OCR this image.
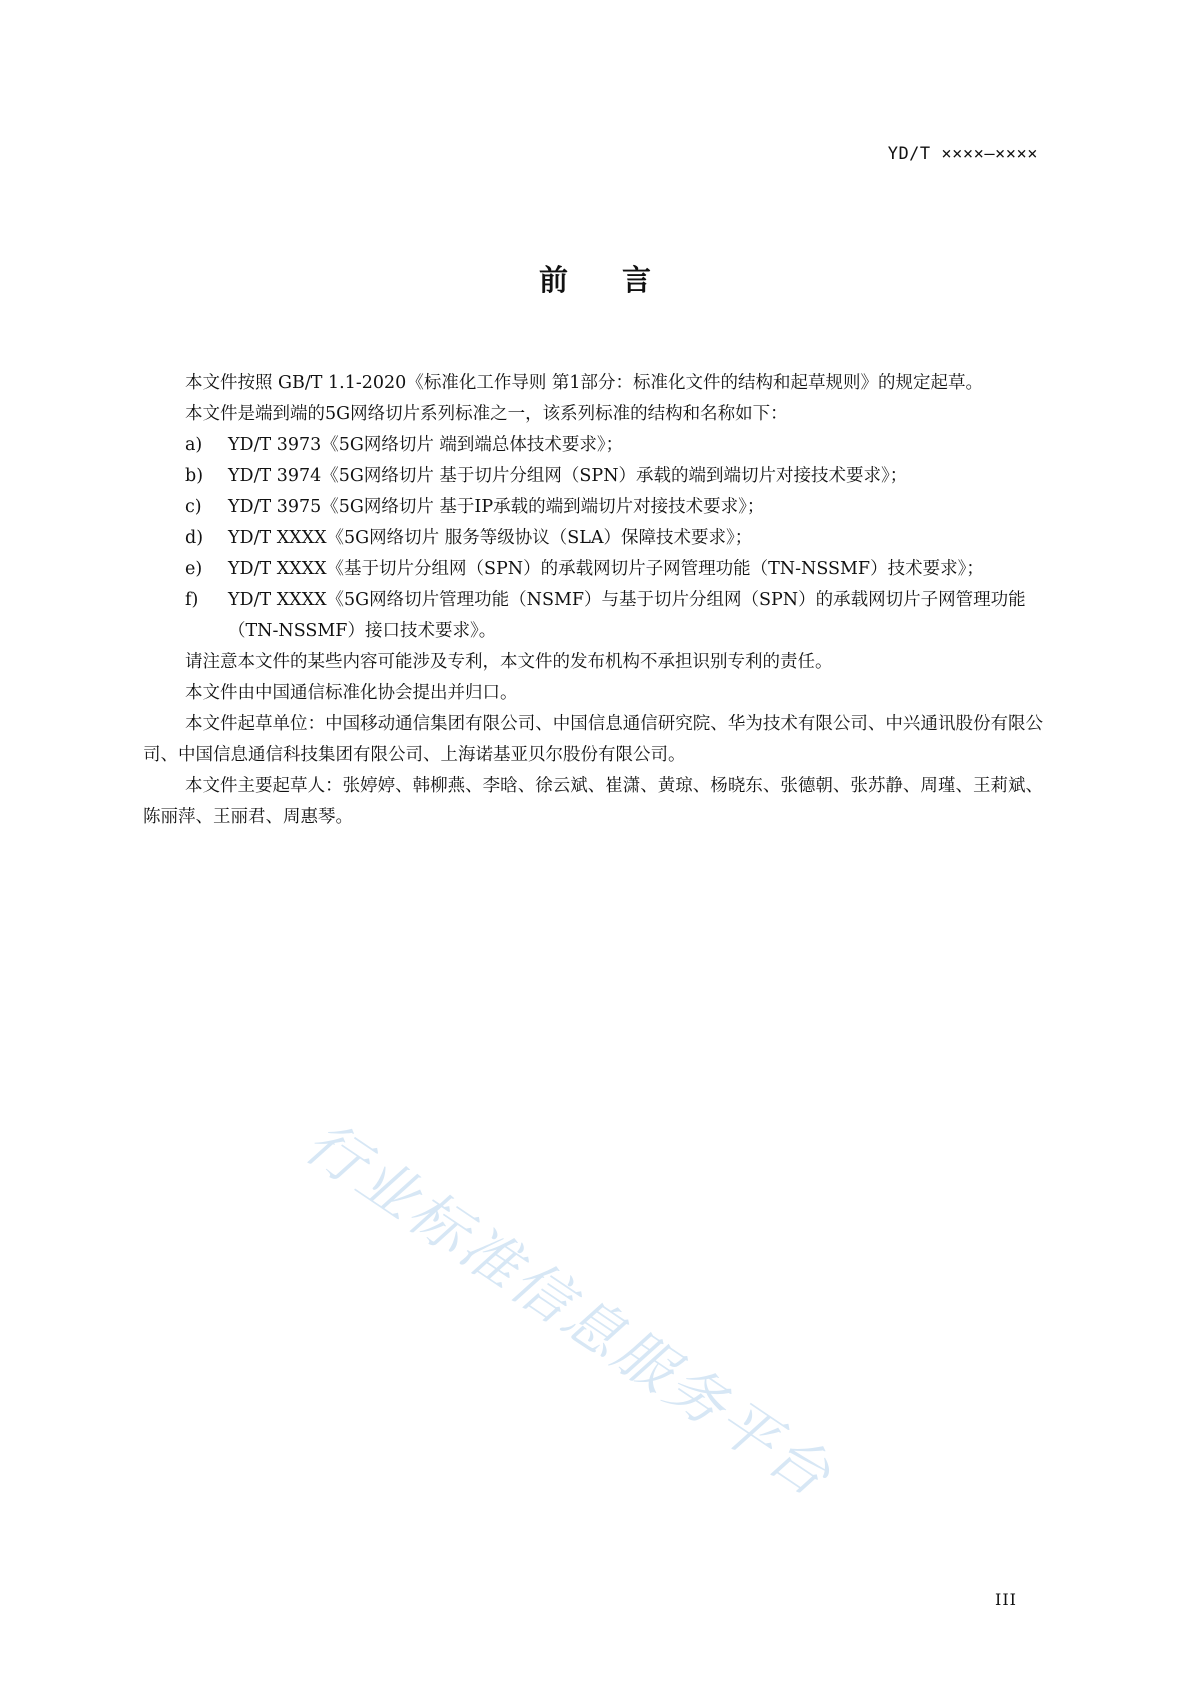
YD/T ××××—××××
前言

本文件按照 GB/T 1.1-2020《标准化工作导则 第1部分：标准化文件的结构和起草规则》的规定起草。

本文件是端到端的5G网络切片系列标准之一，该系列标准的结构和名称如下：

a) YD/T 3973《5G网络切片 端到端总体技术要求》；

b) YD/T 3974《5G网络切片 基于切片分组网（SPN）承载的端到端切片对接技术要求》；

c) YD/T 3975《5G网络切片 基于IP承载的端到端切片对接技术要求》；

d) YD/T XXXX《5G网络切片 服务等级协议（SLA）保障技术要求》；

e) YD/T XXXX《基于切片分组网（SPN）的承载网切片子网管理功能（TN-NSSMF）技术要求》；

f) YD/T XXXX《5G网络切片管理功能（NSMF）与基于切片分组网（SPN）的承载网切片子网管理功能（TN-NSSMF）接口技术要求》。

请注意本文件的某些内容可能涉及专利，本文件的发布机构不承担识别专利的责任。

本文件由中国通信标准化协会提出并归口。

本文件起草单位：中国移动通信集团有限公司、中国信息通信研究院、华为技术有限公司、中兴通讯股份有限公司、中国信息通信科技集团有限公司、上海诺基亚贝尔股份有限公司。

本文件主要起草人：张婷婷、韩柳燕、李晗、徐云斌、崔潇、黄琼、杨晓东、张德朝、张苏静、周瑾、王莉斌、陈丽萍、王丽君、周惠琴。

行业标准信息服务平台
III
